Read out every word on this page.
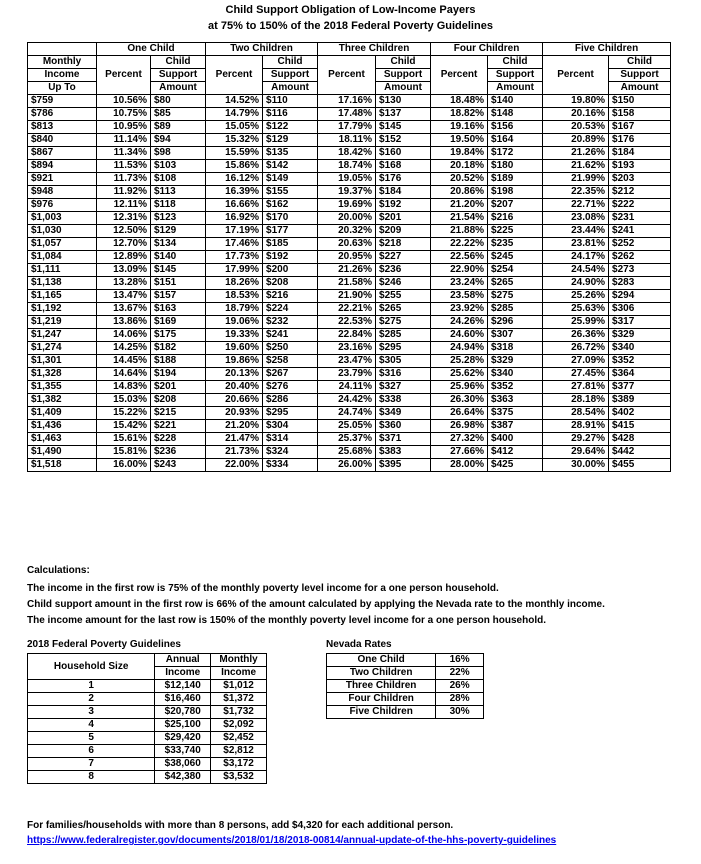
Child Support Obligation of Low-Income Payers
at 75% to 150% of the 2018 Federal Poverty Guidelines
	One Child		Two Children		Three Children		Four Children		Five Children	
Monthly	Percent	Child	Percent	Child	Percent	Child	Percent	Child	Percent	Child
Income		Support		Support		Support		Support		Support
Up To		Amount		Amount		Amount		Amount		Amount
$759	10.56%	$80	14.52%	$110	17.16%	$130	18.48%	$140	19.80%	$150
$786	10.75%	$85	14.79%	$116	17.48%	$137	18.82%	$148	20.16%	$158
$813	10.95%	$89	15.05%	$122	17.79%	$145	19.16%	$156	20.53%	$167
$840	11.14%	$94	15.32%	$129	18.11%	$152	19.50%	$164	20.89%	$176
$867	11.34%	$98	15.59%	$135	18.42%	$160	19.84%	$172	21.26%	$184
$894	11.53%	$103	15.86%	$142	18.74%	$168	20.18%	$180	21.62%	$193
$921	11.73%	$108	16.12%	$149	19.05%	$176	20.52%	$189	21.99%	$203
$948	11.92%	$113	16.39%	$155	19.37%	$184	20.86%	$198	22.35%	$212
$976	12.11%	$118	16.66%	$162	19.69%	$192	21.20%	$207	22.71%	$222
$1,003	12.31%	$123	16.92%	$170	20.00%	$201	21.54%	$216	23.08%	$231
$1,030	12.50%	$129	17.19%	$177	20.32%	$209	21.88%	$225	23.44%	$241
$1,057	12.70%	$134	17.46%	$185	20.63%	$218	22.22%	$235	23.81%	$252
$1,084	12.89%	$140	17.73%	$192	20.95%	$227	22.56%	$245	24.17%	$262
$1,111	13.09%	$145	17.99%	$200	21.26%	$236	22.90%	$254	24.54%	$273
$1,138	13.28%	$151	18.26%	$208	21.58%	$246	23.24%	$265	24.90%	$283
$1,165	13.47%	$157	18.53%	$216	21.90%	$255	23.58%	$275	25.26%	$294
$1,192	13.67%	$163	18.79%	$224	22.21%	$265	23.92%	$285	25.63%	$306
$1,219	13.86%	$169	19.06%	$232	22.53%	$275	24.26%	$296	25.99%	$317
$1,247	14.06%	$175	19.33%	$241	22.84%	$285	24.60%	$307	26.36%	$329
$1,274	14.25%	$182	19.60%	$250	23.16%	$295	24.94%	$318	26.72%	$340
$1,301	14.45%	$188	19.86%	$258	23.47%	$305	25.28%	$329	27.09%	$352
$1,328	14.64%	$194	20.13%	$267	23.79%	$316	25.62%	$340	27.45%	$364
$1,355	14.83%	$201	20.40%	$276	24.11%	$327	25.96%	$352	27.81%	$377
$1,382	15.03%	$208	20.66%	$286	24.42%	$338	26.30%	$363	28.18%	$389
$1,409	15.22%	$215	20.93%	$295	24.74%	$349	26.64%	$375	28.54%	$402
$1,436	15.42%	$221	21.20%	$304	25.05%	$360	26.98%	$387	28.91%	$415
$1,463	15.61%	$228	21.47%	$314	25.37%	$371	27.32%	$400	29.27%	$428
$1,490	15.81%	$236	21.73%	$324	25.68%	$383	27.66%	$412	29.64%	$442
$1,518	16.00%	$243	22.00%	$334	26.00%	$395	28.00%	$425	30.00%	$455
Calculations:
The income in the first row is 75% of the monthly poverty level income for a one person household.
Child support amount in the first row is 66% of the amount calculated by applying the Nevada rate to the monthly income.
The income amount for the last row is 150% of the monthly poverty level income for a one person household.
2018 Federal Poverty Guidelines
Household Size	Annual	Monthly
	Income	Income
1	$12,140	$1,012
2	$16,460	$1,372
3	$20,780	$1,732
4	$25,100	$2,092
5	$29,420	$2,452
6	$33,740	$2,812
7	$38,060	$3,172
8	$42,380	$3,532
Nevada Rates
One Child	16%
Two Children	22%
Three Children	26%
Four Children	28%
Five Children	30%
For families/households with more than 8 persons, add $4,320 for each additional person.
https://www.federalregister.gov/documents/2018/01/18/2018-00814/annual-update-of-the-hhs-poverty-guidelines
